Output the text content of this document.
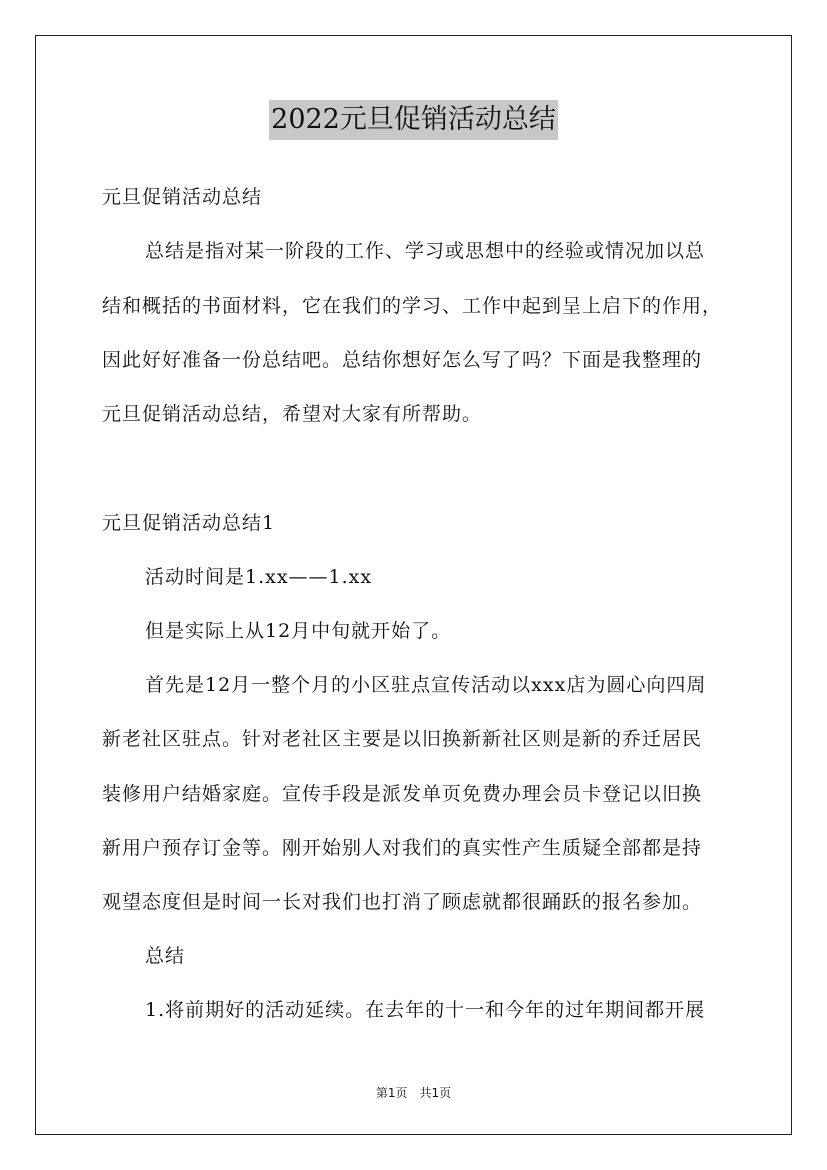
2022元旦促销活动总结
元旦促销活动总结
总结是指对某一阶段的工作、学习或思想中的经验或情况加以总
结和概括的书面材料，它在我们的学习、工作中起到呈上启下的作用，
因此好好准备一份总结吧。总结你想好怎么写了吗？下面是我整理的
元旦促销活动总结，希望对大家有所帮助。
元旦促销活动总结1
活动时间是1.xx——1.xx
但是实际上从12月中旬就开始了。
首先是12月一整个月的小区驻点宣传活动以xxx店为圆心向四周
新老社区驻点。针对老社区主要是以旧换新新社区则是新的乔迁居民
装修用户结婚家庭。宣传手段是派发单页免费办理会员卡登记以旧换
新用户预存订金等。刚开始别人对我们的真实性产生质疑全部都是持
观望态度但是时间一长对我们也打消了顾虑就都很踊跃的报名参加。
总结
1.将前期好的活动延续。在去年的十一和今年的过年期间都开展
第1页　共1页
